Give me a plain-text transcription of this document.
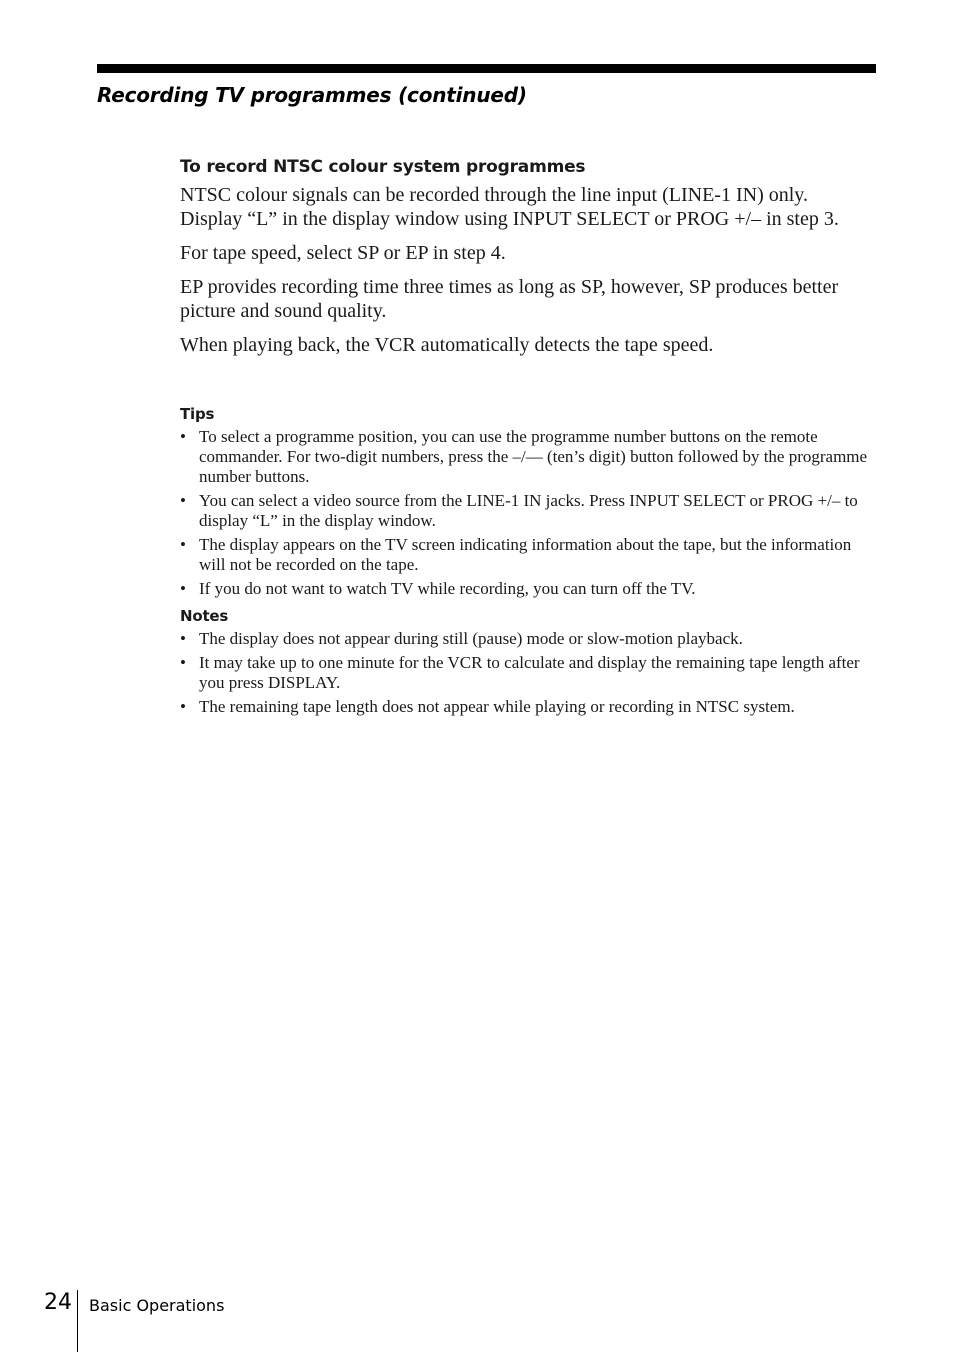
Recording TV programmes (continued)
To record NTSC colour system programmes

NTSC colour signals can be recorded through the line input (LINE-1 IN) only. Display “L” in the display window using INPUT SELECT or PROG +/– in step 3.

For tape speed, select SP or EP in step 4.

EP provides recording time three times as long as SP, however, SP produces better picture and sound quality.

When playing back, the VCR automatically detects the tape speed.

Tips
• To select a programme position, you can use the programme number buttons on the remote commander. For two-digit numbers, press the –/–– (ten’s digit) button followed by the programme number buttons.
• You can select a video source from the LINE-1 IN jacks. Press INPUT SELECT or PROG +/– to display “L” in the display window.
• The display appears on the TV screen indicating information about the tape, but the information will not be recorded on the tape.
• If you do not want to watch TV while recording, you can turn off the TV.
Notes
• The display does not appear during still (pause) mode or slow-motion playback.
• It may take up to one minute for the VCR to calculate and display the remaining tape length after you press DISPLAY.
• The remaining tape length does not appear while playing or recording in NTSC system.
24 Basic Operations
